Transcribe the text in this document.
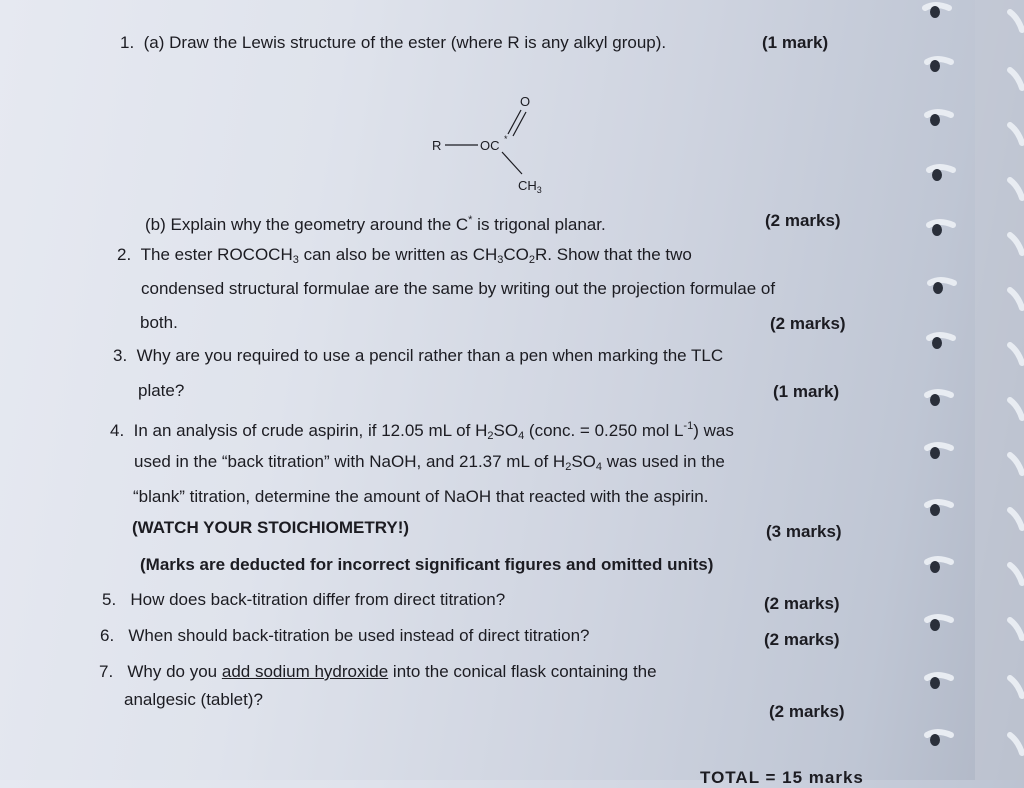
1. (a) Draw the Lewis structure of the ester (where R is any alkyl group).	(1 mark)
O
R	OC *
$CH_3$
(b) Explain why the geometry around the C* is trigonal planar.	(2 marks)
2. The ester $ROCOCH_3$ can also be written as $CH_3CO_2R$. Show that the two
condensed structural formulae are the same by writing out the projection formulae of
both.	(2 marks)
3. Why are you required to use a pencil rather than a pen when marking the TLC
plate?	(1 mark)
4. In an analysis of crude aspirin, if 12.05 mL of $H_2SO_4$ (conc. = 0.250 mol $L^{-1}$) was
used in the “back titration” with NaOH, and 21.37 mL of $H_2SO_4$ was used in the
“blank” titration, determine the amount of NaOH that reacted with the aspirin.
(WATCH YOUR STOICHIOMETRY!)	(3 marks)
(Marks are deducted for incorrect significant figures and omitted units)
5. How does back-titration differ from direct titration?	(2 marks)
6. When should back-titration be used instead of direct titration?	(2 marks)
7. Why do you add sodium hydroxide into the conical flask containing the
analgesic (tablet)?
(2 marks)
TOTAL = 15 marks
